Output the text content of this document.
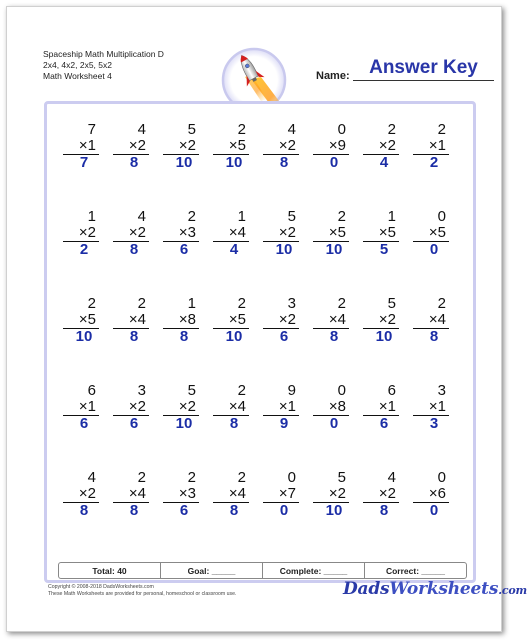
Spaceship Math Multiplication D
2x4, 4x2, 2x5, 5x2
Math Worksheet 4	Name:	Answer Key
7
×1
7
4
×2
8
5
×2
10
2
×5
10
4
×2
8
0
×9
0
2
×2
4
2
×1
2
1
×2
2
4
×2
8
2
×3
6
1
×4
4
5
×2
10
2
×5
10
1
×5
5
0
×5
0
2
×5
10
2
×4
8
1
×8
8
2
×5
10
3
×2
6
2
×4
8
5
×2
10
2
×4
8
6
×1
6
3
×2
6
5
×2
10
2
×4
8
9
×1
9
0
×8
0
6
×1
6
3
×1
3
4
×2
8
2
×4
8
2
×3
6
2
×4
8
0
×7
0
5
×2
10
4
×2
8
0
×6
0
Total: 40	Goal: _____	Complete: _____	Correct: _____
Copyright © 2008-2018 DadsWorksheets.com
These Math Worksheets are provided for personal, homeschool or classroom use.	DadsWorksheets.com
